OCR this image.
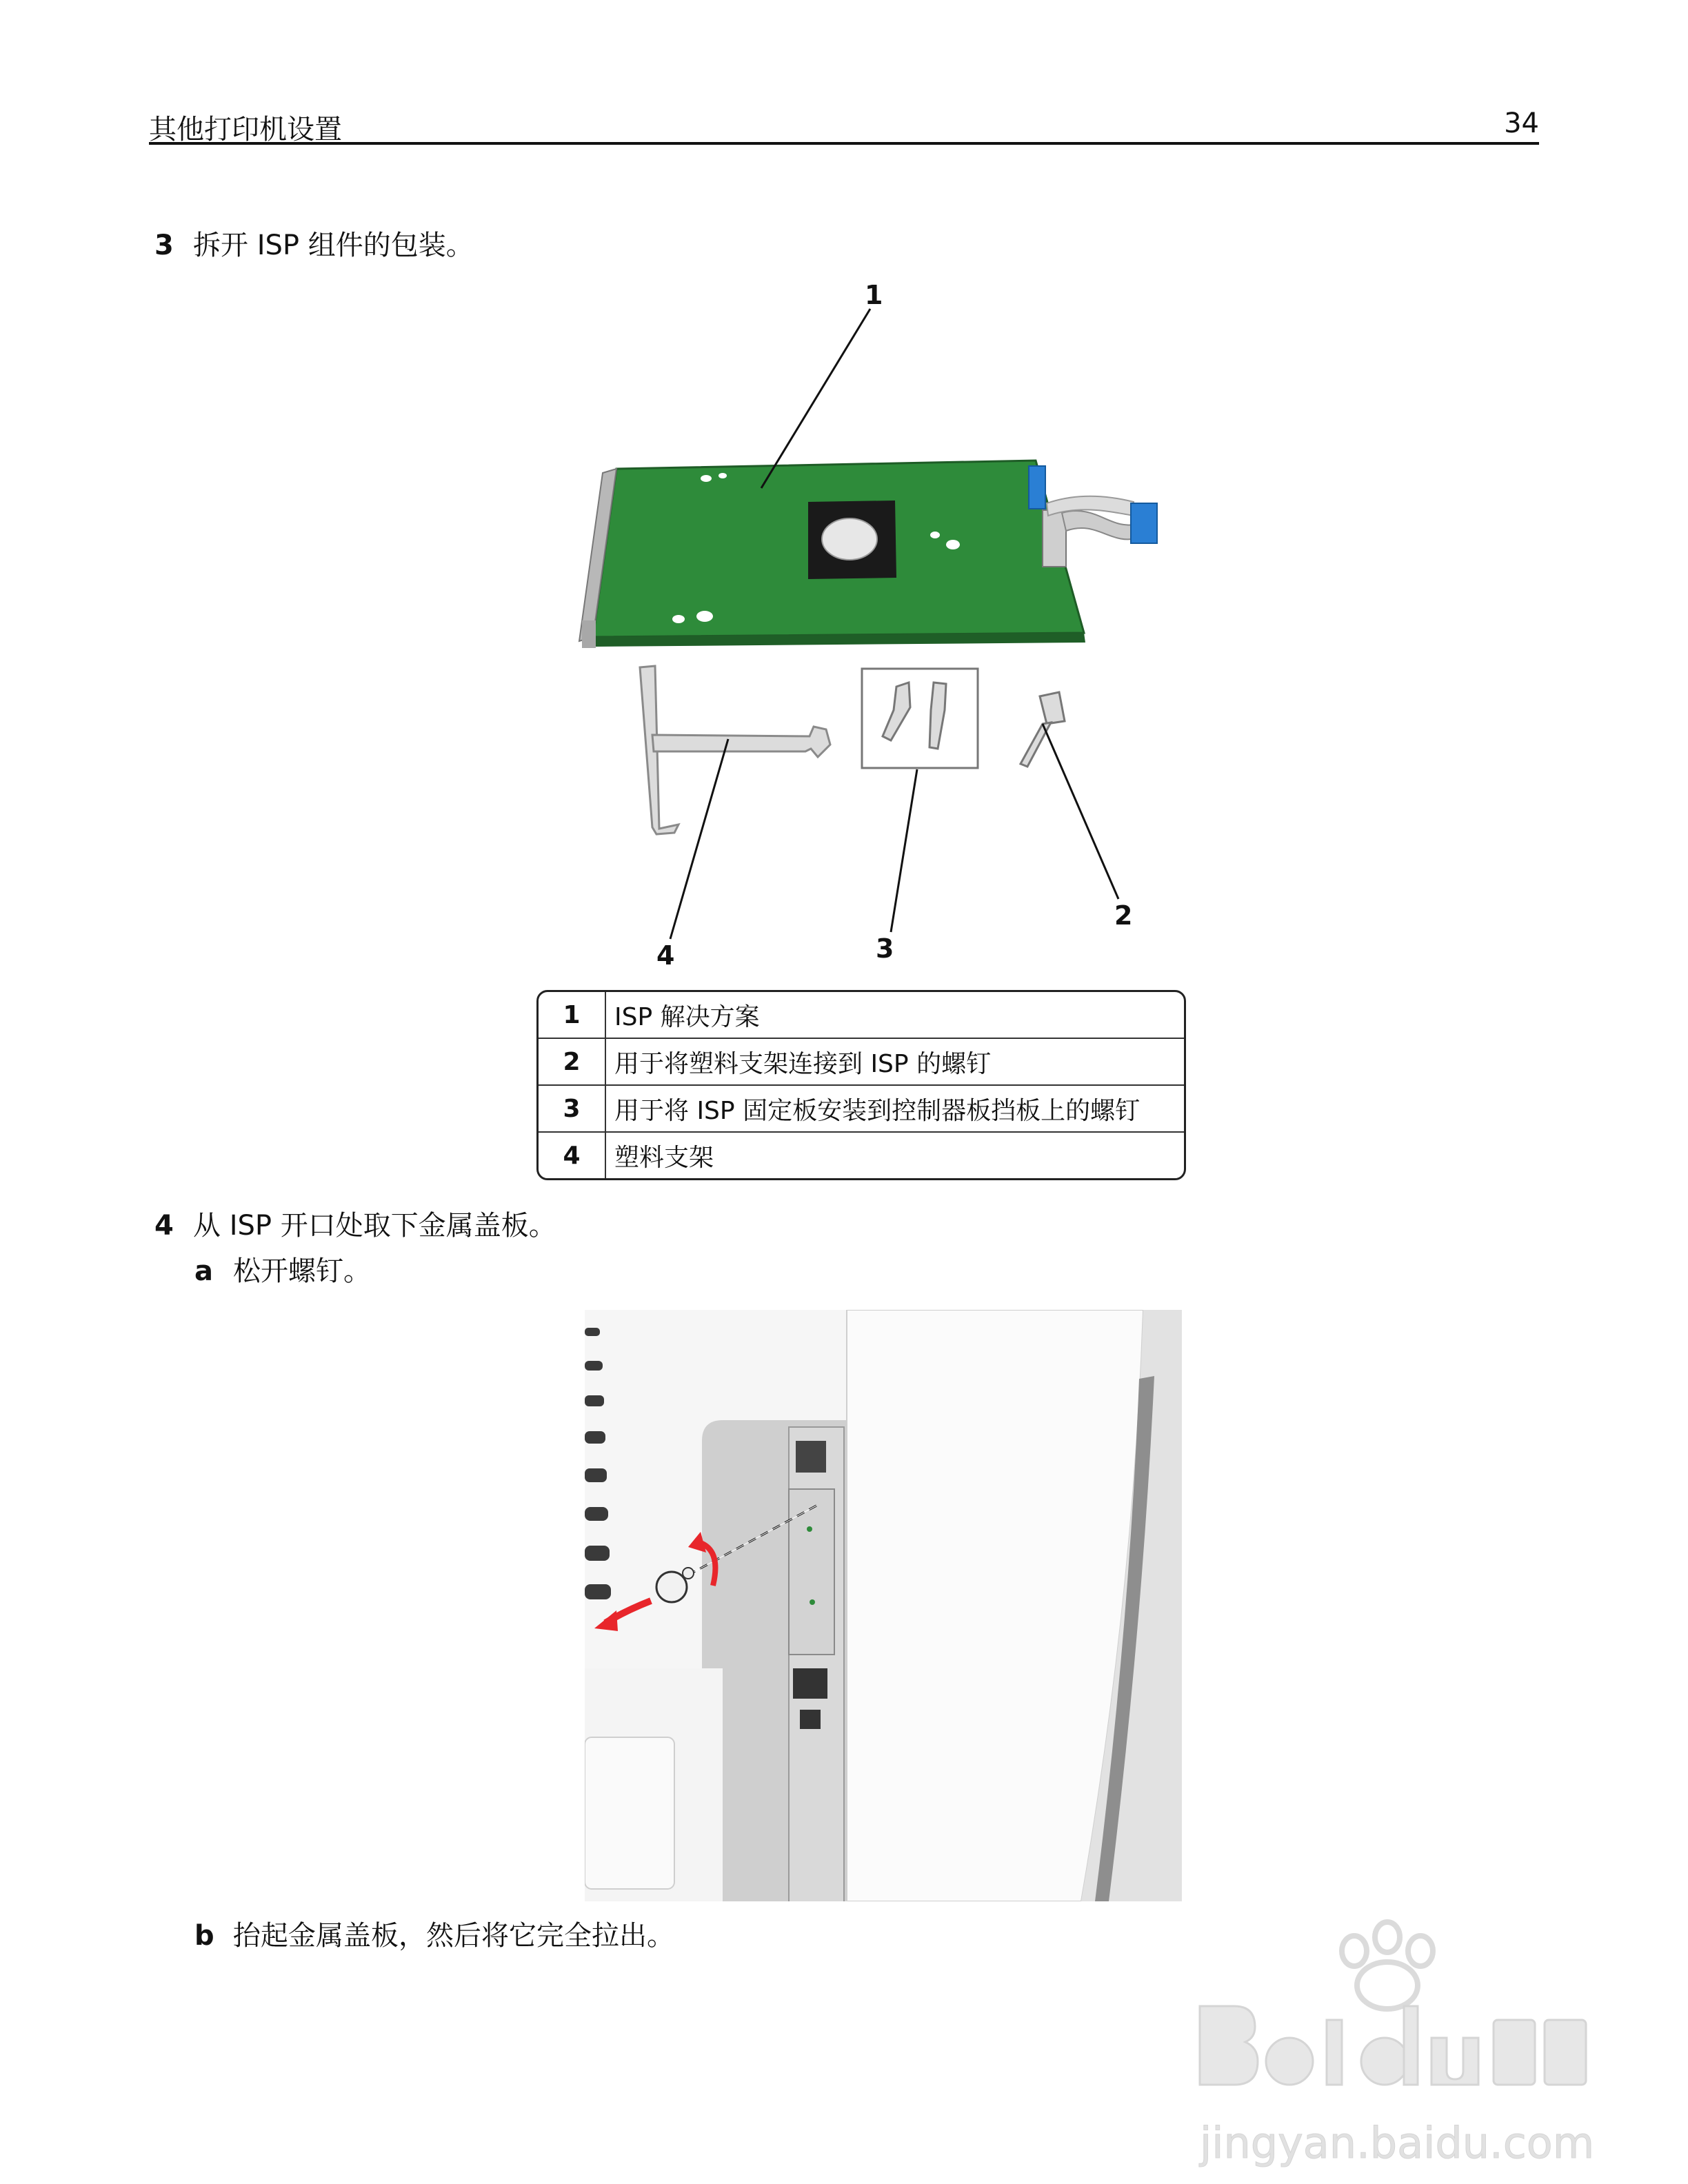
其他打印机设置	34
3 拆开 ISP 组件的包装。
1
2
3
4
1	ISP 解决方案
2	用于将塑料支架连接到 ISP 的螺钉
3	用于将 ISP 固定板安装到控制器板挡板上的螺钉
4	塑料支架
4 从 ISP 开口处取下金属盖板。
a 松开螺钉。
b 抬起金属盖板，然后将它完全拉出。
jingyan.baidu.com
